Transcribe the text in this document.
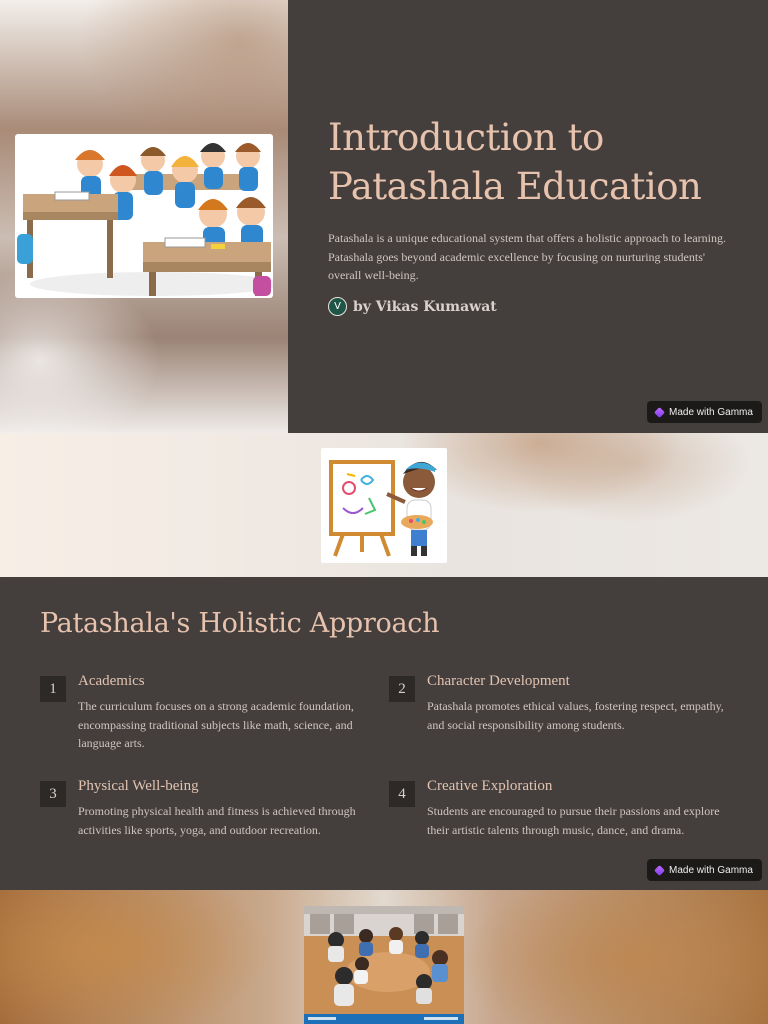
Introduction to Patashala Education

Patashala is a unique educational system that offers a holistic approach to learning. Patashala goes beyond academic excellence by focusing on nurturing students' overall well-being.

V by Vikas Kumawat
Made with Gamma
Patashala's Holistic Approach
1	Academics
The curriculum focuses on a strong academic foundation, encompassing traditional subjects like math, science, and language arts.
2	Character Development
Patashala promotes ethical values, fostering respect, empathy, and social responsibility among students.
3	Physical Well-being
Promoting physical health and fitness is achieved through activities like sports, yoga, and outdoor recreation.
4	Creative Exploration
Students are encouraged to pursue their passions and explore their artistic talents through music, dance, and drama.
Made with Gamma
